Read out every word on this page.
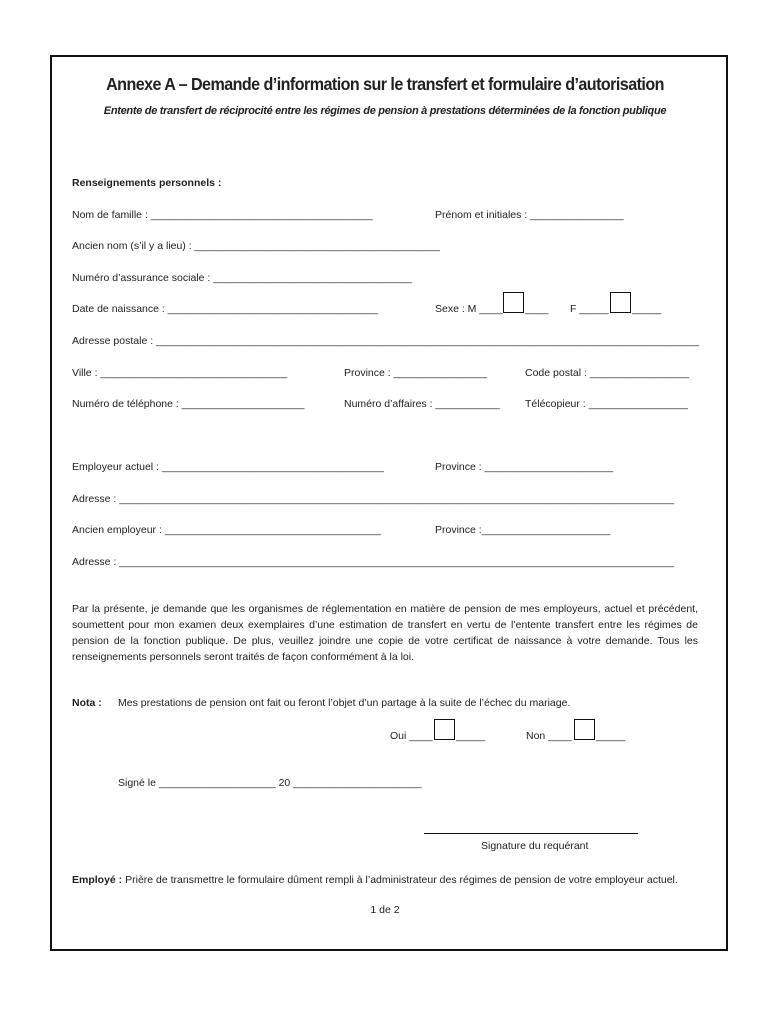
Annexe A – Demande d’information sur le transfert et formulaire d’autorisation
Entente de transfert de réciprocité entre les régimes de pension à prestations déterminées de la fonction publique
Renseignements personnels :
Nom de famille : ______________________________________	Prénom et initiales : ________________
Ancien nom (s’il y a lieu) : __________________________________________
Numéro d’assurance sociale : __________________________________
Date de naissance : ____________________________________	Sexe : M ____ ____ F _____ _____
Adresse postale : _____________________________________________________________________________________________
Ville : ________________________________	Province : ________________	Code postal : _________________
Numéro de téléphone : _____________________	Numéro d’affaires : ___________ Télécopieur : _________________
Employeur actuel : ______________________________________	Province : ______________________
Adresse : _______________________________________________________________________________________________
Ancien employeur : _____________________________________	Province :______________________
Adresse : _______________________________________________________________________________________________
Par la présente, je demande que les organismes de réglementation en matière de pension de mes employeurs, actuel et précédent, soumettent pour mon examen deux exemplaires d’une estimation de transfert en vertu de l’entente transfert entre les régimes de pension de la fonction publique. De plus, veuillez joindre une copie de votre certificat de naissance à votre demande. Tous les renseignements personnels seront traités de façon conformément à la loi.
Nota : Mes prestations de pension ont fait ou feront l’objet d’un partage à la suite de l’échec du mariage.
Oui ____ _____	Non ____ _____
Signé le ____________________ 20 ______________________
Signature du requérant
Employé : Prière de transmettre le formulaire dûment rempli à l’administrateur des régimes de pension de votre employeur actuel.
1 de 2
